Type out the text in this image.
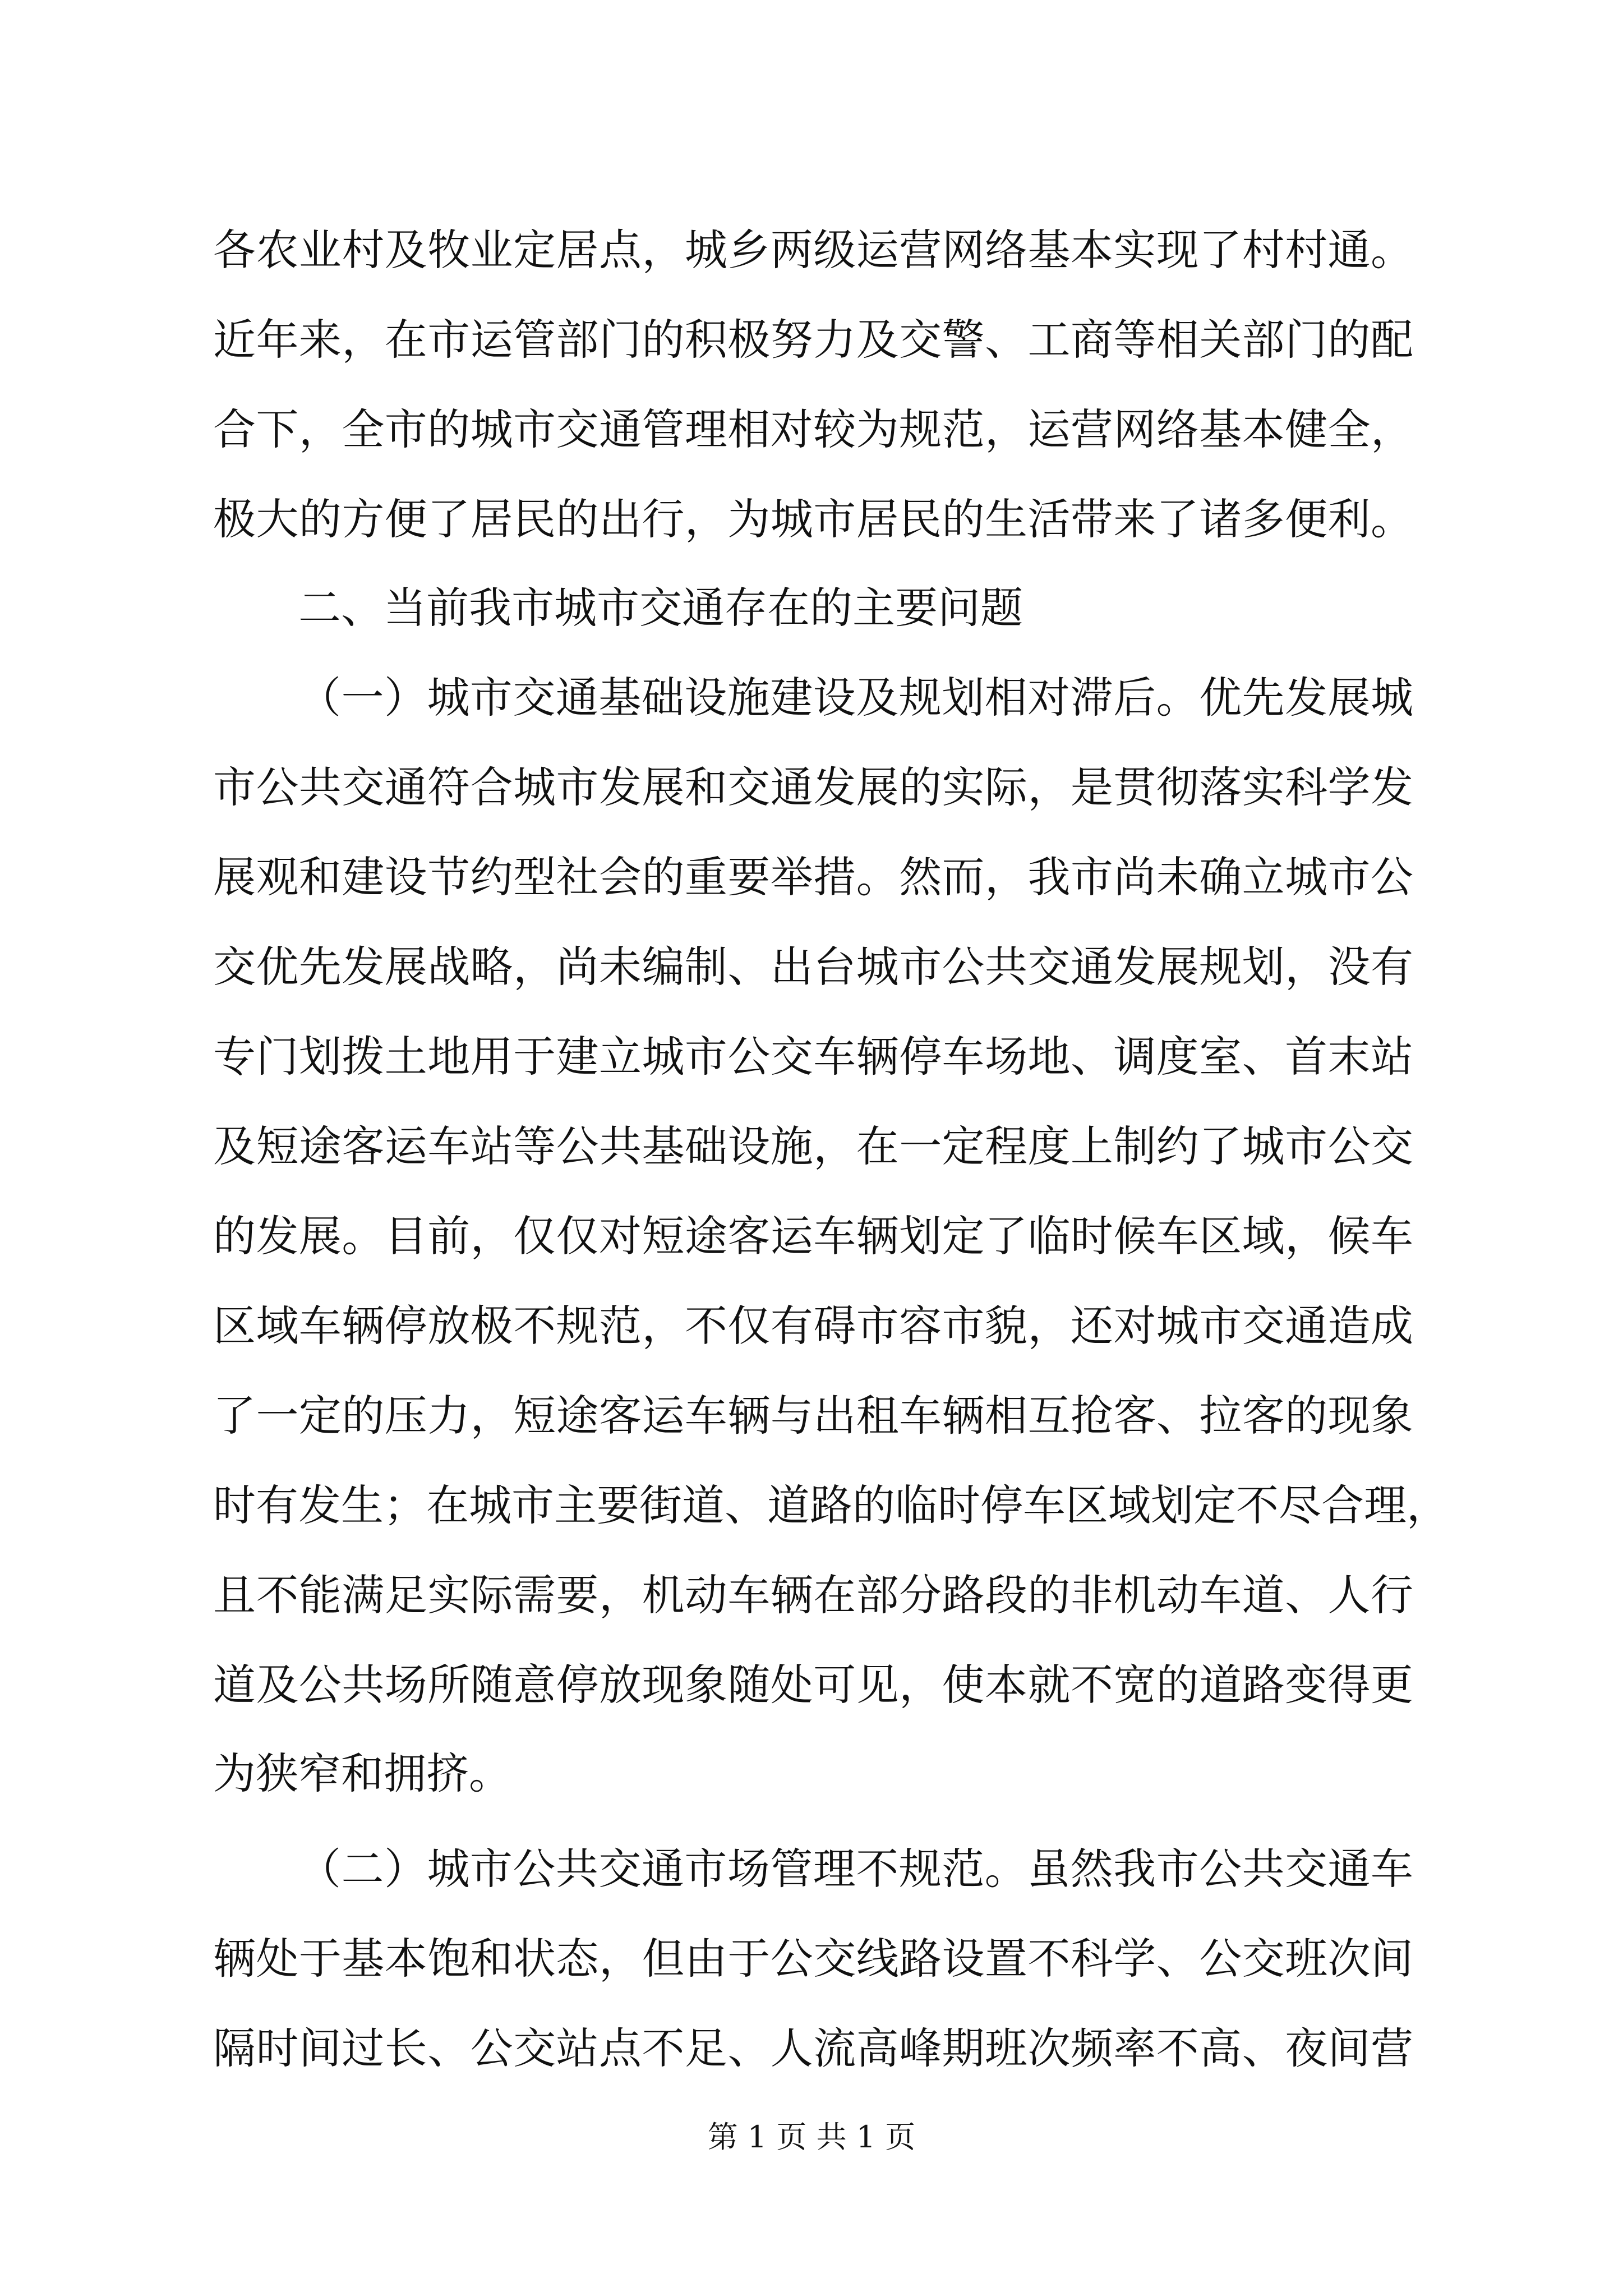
各农业村及牧业定居点，城乡两级运营网络基本实现了村村通。
近年来，在市运管部门的积极努力及交警、工商等相关部门的配
合下，全市的城市交通管理相对较为规范，运营网络基本健全，
极大的方便了居民的出行，为城市居民的生活带来了诸多便利。
二、当前我市城市交通存在的主要问题
（一）城市交通基础设施建设及规划相对滞后。优先发展城
市公共交通符合城市发展和交通发展的实际，是贯彻落实科学发
展观和建设节约型社会的重要举措。然而，我市尚未确立城市公
交优先发展战略，尚未编制、出台城市公共交通发展规划，没有
专门划拨土地用于建立城市公交车辆停车场地、调度室、首末站
及短途客运车站等公共基础设施，在一定程度上制约了城市公交
的发展。目前，仅仅对短途客运车辆划定了临时候车区域，候车
区域车辆停放极不规范，不仅有碍市容市貌，还对城市交通造成
了一定的压力，短途客运车辆与出租车辆相互抢客、拉客的现象
时有发生；在城市主要街道、道路的临时停车区域划定不尽合理，
且不能满足实际需要，机动车辆在部分路段的非机动车道、人行
道及公共场所随意停放现象随处可见，使本就不宽的道路变得更
为狭窄和拥挤。
（二）城市公共交通市场管理不规范。虽然我市公共交通车
辆处于基本饱和状态，但由于公交线路设置不科学、公交班次间
隔时间过长、公交站点不足、人流高峰期班次频率不高、夜间营
第 1 页 共 1 页
